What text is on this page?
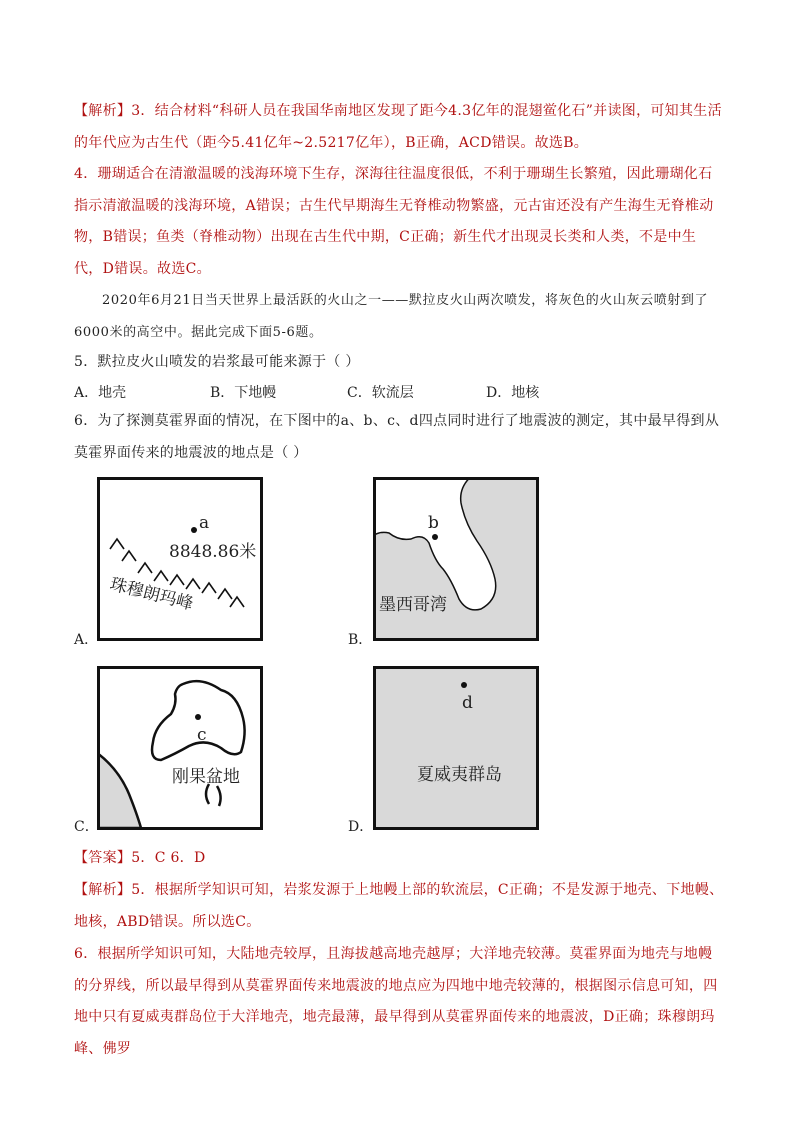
【解析】3．结合材料“科研人员在我国华南地区发现了距今4.3亿年的混翅鲎化石”并读图，可知其生活的年代应为古生代（距今5.41亿年~2.5217亿年），B正确，ACD错误。故选B。

4．珊瑚适合在清澈温暖的浅海环境下生存，深海往往温度很低，不利于珊瑚生长繁殖，因此珊瑚化石指示清澈温暖的浅海环境，A错误；古生代早期海生无脊椎动物繁盛，元古宙还没有产生海生无脊椎动物，B错误；鱼类（脊椎动物）出现在古生代中期，C正确；新生代才出现灵长类和人类，不是中生代，D错误。故选C。

2020年6月21日当天世界上最活跃的火山之一——默拉皮火山两次喷发，将灰色的火山灰云喷射到了6000米的高空中。据此完成下面5-6题。

5．默拉皮火山喷发的岩浆最可能来源于（ ）

A．地壳	B．下地幔	C．软流层	D．地核

6．为了探测莫霍界面的情况，在下图中的a、b、c、d四点同时进行了地震波的测定，其中最早得到从莫霍界面传来的地震波的地点是（ ）

a
8848.86米
珠穆朗玛峰
A．
b
墨西哥湾
B．
c
刚果盆地
C．
d
夏威夷群岛
D．

【答案】5．C 6．D

【解析】5．根据所学知识可知，岩浆发源于上地幔上部的软流层，C正确；不是发源于地壳、下地幔、地核，ABD错误。所以选C。

6．根据所学知识可知，大陆地壳较厚，且海拔越高地壳越厚；大洋地壳较薄。莫霍界面为地壳与地幔的分界线，所以最早得到从莫霍界面传来地震波的地点应为四地中地壳较薄的，根据图示信息可知，四地中只有夏威夷群岛位于大洋地壳，地壳最薄，最早得到从莫霍界面传来的地震波，D正确；珠穆朗玛峰、佛罗
